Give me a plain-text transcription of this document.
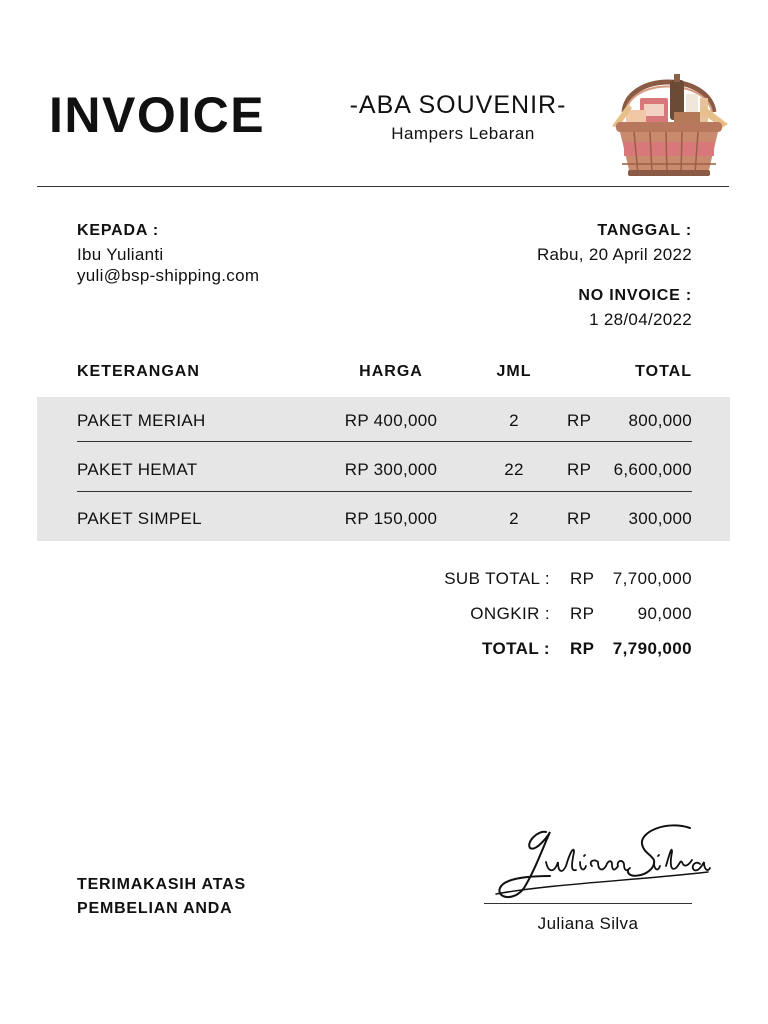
INVOICE	-ABA SOUVENIR-
Hampers Lebaran
KEPADA :
Ibu Yulianti
yuli@bsp-shipping.com
TANGGAL :
Rabu, 20 April 2022
NO INVOICE :
1 28/04/2022
KETERANGAN	HARGA	JML	TOTAL
PAKET MERIAH	RP 400,000	2	RP	800,000
PAKET HEMAT	RP 300,000	22	RP	6,600,000
PAKET SIMPEL	RP 150,000	2	RP	300,000
SUB TOTAL : RP	7,700,000
ONGKIR : RP	90,000
TOTAL : RP	7,790,000
TERIMAKASIH ATAS
PEMBELIAN ANDA
Juliana Silva
